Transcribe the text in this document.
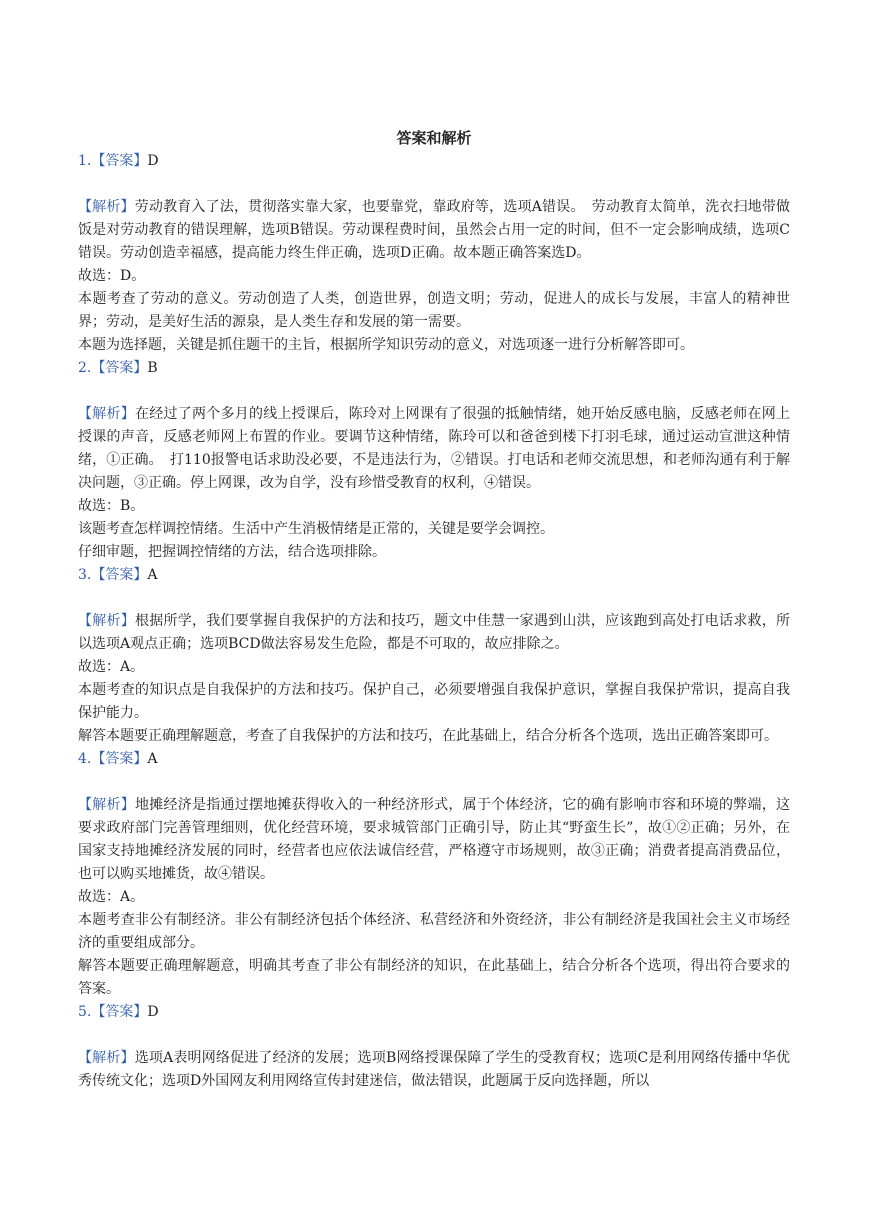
答案和解析
1.【答案】D
【解析】劳动教育入了法，贯彻落实靠大家，也要靠党，靠政府等，选项A错误。　劳动教育太简单，洗衣扫地带做饭是对劳动教育的错误理解，选项B错误。劳动课程费时间，虽然会占用一定的时间，但不一定会影响成绩，选项C错误。劳动创造幸福感，提高能力终生伴正确，选项D正确。故本题正确答案选D。
故选：D。
本题考查了劳动的意义。劳动创造了人类，创造世界，创造文明；劳动，促进人的成长与发展，丰富人的精神世界；劳动，是美好生活的源泉，是人类生存和发展的第一需要。
本题为选择题，关键是抓住题干的主旨，根据所学知识劳动的意义，对选项逐一进行分析解答即可。
2.【答案】B
【解析】在经过了两个多月的线上授课后，陈玲对上网课有了很强的抵触情绪，她开始反感电脑，反感老师在网上授课的声音，反感老师网上布置的作业。要调节这种情绪，陈玲可以和爸爸到楼下打羽毛球，通过运动宣泄这种情绪，①正确。　打110报警电话求助没必要，不是违法行为，②错误。打电话和老师交流思想，和老师沟通有利于解决问题，③正确。停上网课，改为自学，没有珍惜受教育的权利，④错误。
故选：B。
该题考查怎样调控情绪。生活中产生消极情绪是正常的，关键是要学会调控。
仔细审题，把握调控情绪的方法，结合选项排除。
3.【答案】A
【解析】根据所学，我们要掌握自我保护的方法和技巧，题文中佳慧一家遇到山洪，应该跑到高处打电话求救，所以选项A观点正确；选项BCD做法容易发生危险，都是不可取的，故应排除之。
故选：A。
本题考查的知识点是自我保护的方法和技巧。保护自己，必须要增强自我保护意识，掌握自我保护常识，提高自我保护能力。
解答本题要正确理解题意，考查了自我保护的方法和技巧，在此基础上，结合分析各个选项，选出正确答案即可。
4.【答案】A
【解析】地摊经济是指通过摆地摊获得收入的一种经济形式，属于个体经济，它的确有影响市容和环境的弊端，这要求政府部门完善管理细则，优化经营环境，要求城管部门正确引导，防止其“野蛮生长”，故①②正确；另外，在国家支持地摊经济发展的同时，经营者也应依法诚信经营，严格遵守市场规则，故③正确；消费者提高消费品位，也可以购买地摊货，故④错误。
故选：A。
本题考查非公有制经济。非公有制经济包括个体经济、私营经济和外资经济，非公有制经济是我国社会主义市场经济的重要组成部分。
解答本题要正确理解题意，明确其考查了非公有制经济的知识，在此基础上，结合分析各个选项，得出符合要求的答案。
5.【答案】D
【解析】选项A表明网络促进了经济的发展；选项B网络授课保障了学生的受教育权；选项C是利用网络传播中华优秀传统文化；选项D外国网友利用网络宣传封建迷信，做法错误，此题属于反向选择题，所以
